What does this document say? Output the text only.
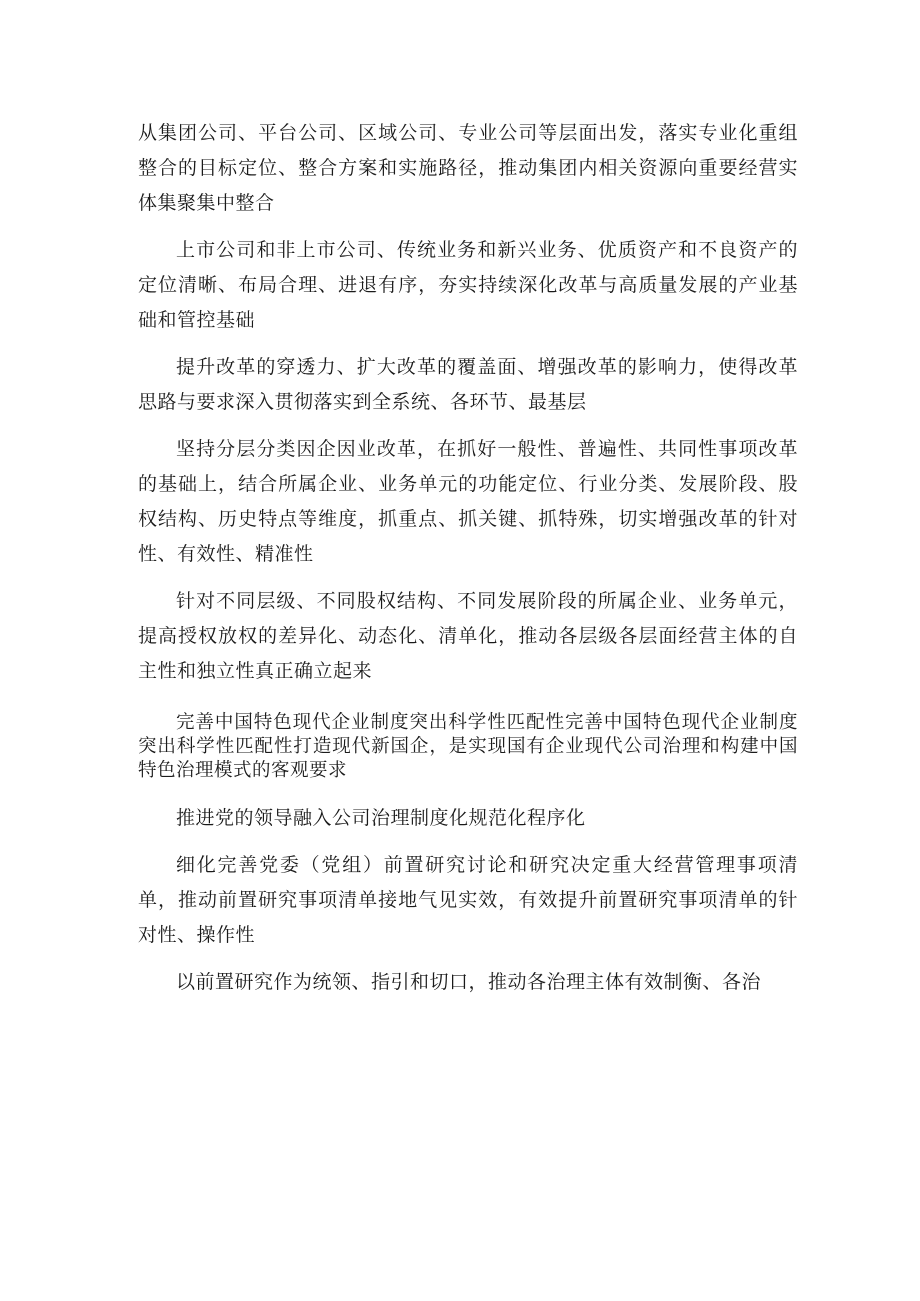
从集团公司、平台公司、区域公司、专业公司等层面出发，落实专业化重组整合的目标定位、整合方案和实施路径，推动集团内相关资源向重要经营实体集聚集中整合

上市公司和非上市公司、传统业务和新兴业务、优质资产和不良资产的定位清晰、布局合理、进退有序，夯实持续深化改革与高质量发展的产业基础和管控基础

提升改革的穿透力、扩大改革的覆盖面、增强改革的影响力，使得改革思路与要求深入贯彻落实到全系统、各环节、最基层

坚持分层分类因企因业改革，在抓好一般性、普遍性、共同性事项改革的基础上，结合所属企业、业务单元的功能定位、行业分类、发展阶段、股权结构、历史特点等维度，抓重点、抓关键、抓特殊，切实增强改革的针对性、有效性、精准性

针对不同层级、不同股权结构、不同发展阶段的所属企业、业务单元，提高授权放权的差异化、动态化、清单化，推动各层级各层面经营主体的自主性和独立性真正确立起来

完善中国特色现代企业制度突出科学性匹配性完善中国特色现代企业制度突出科学性匹配性打造现代新国企，是实现国有企业现代公司治理和构建中国特色治理模式的客观要求

推进党的领导融入公司治理制度化规范化程序化

细化完善党委（党组）前置研究讨论和研究决定重大经营管理事项清单，推动前置研究事项清单接地气见实效，有效提升前置研究事项清单的针对性、操作性

以前置研究作为统领、指引和切口，推动各治理主体有效制衡、各治
